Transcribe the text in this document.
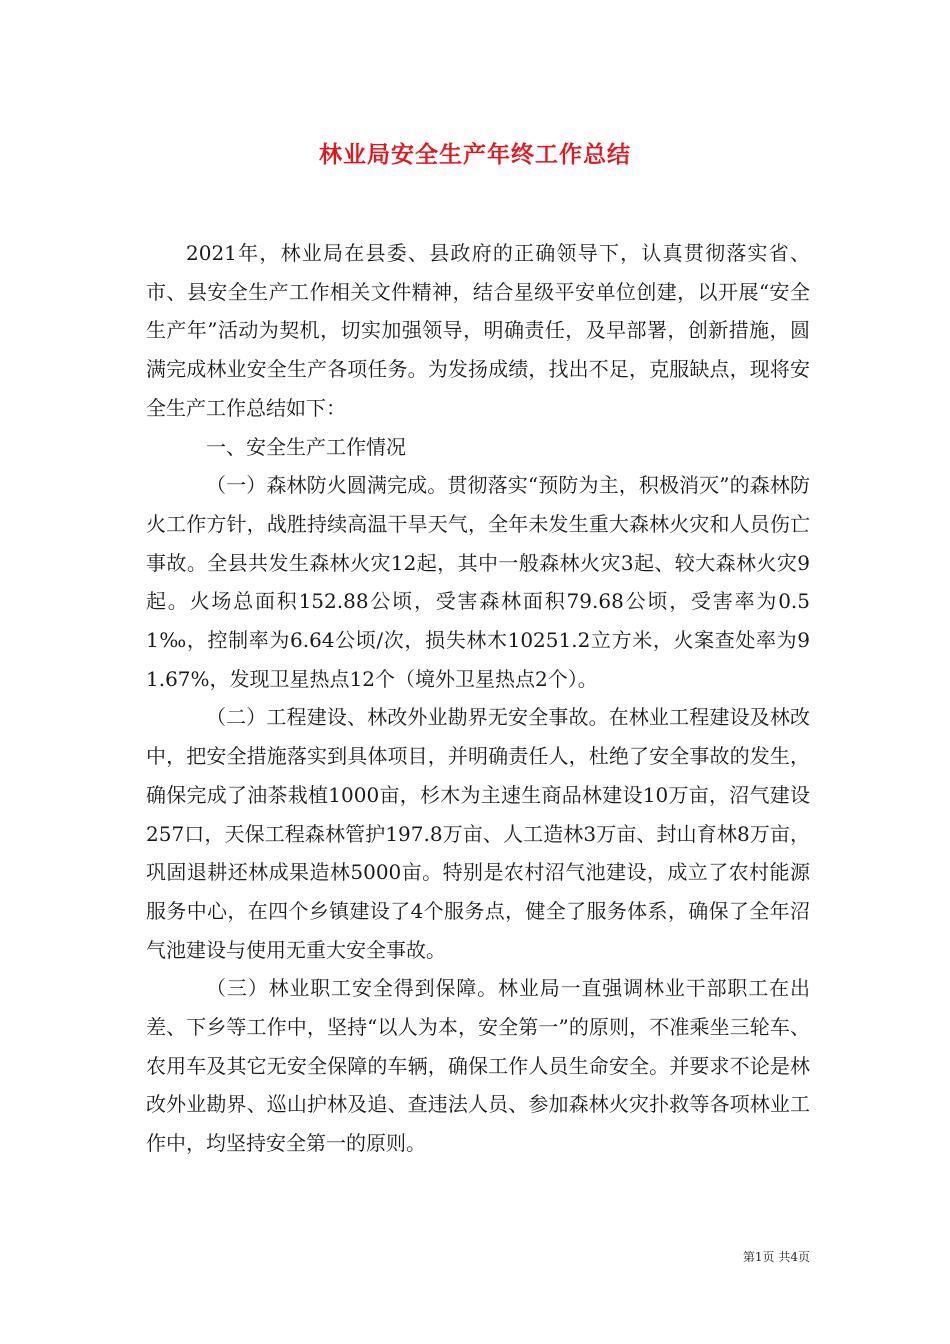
林业局安全生产年终工作总结

2021年，林业局在县委、县政府的正确领导下，认真贯彻落实省、市、县安全生产工作相关文件精神，结合星级平安单位创建，以开展“安全生产年”活动为契机，切实加强领导，明确责任，及早部署，创新措施，圆满完成林业安全生产各项任务。为发扬成绩，找出不足，克服缺点，现将安全生产工作总结如下：

一、安全生产工作情况

（一）森林防火圆满完成。贯彻落实“预防为主，积极消灭”的森林防火工作方针，战胜持续高温干旱天气，全年未发生重大森林火灾和人员伤亡事故。全县共发生森林火灾12起，其中一般森林火灾3起、较大森林火灾9起。火场总面积152.88公顷，受害森林面积79.68公顷，受害率为0.51‰，控制率为6.64公顷/次，损失林木10251.2立方米，火案查处率为91.67%，发现卫星热点12个（境外卫星热点2个）。

（二）工程建设、林改外业勘界无安全事故。在林业工程建设及林改中，把安全措施落实到具体项目，并明确责任人，杜绝了安全事故的发生，确保完成了油茶栽植1000亩，杉木为主速生商品林建设10万亩，沼气建设257口，天保工程森林管护197.8万亩、人工造林3万亩、封山育林8万亩，巩固退耕还林成果造林5000亩。特别是农村沼气池建设，成立了农村能源服务中心，在四个乡镇建设了4个服务点，健全了服务体系，确保了全年沼气池建设与使用无重大安全事故。

（三）林业职工安全得到保障。林业局一直强调林业干部职工在出差、下乡等工作中，坚持“以人为本，安全第一”的原则，不准乘坐三轮车、农用车及其它无安全保障的车辆，确保工作人员生命安全。并要求不论是林改外业勘界、巡山护林及追、查违法人员、参加森林火灾扑救等各项林业工作中，均坚持安全第一的原则。

第1页 共4页
